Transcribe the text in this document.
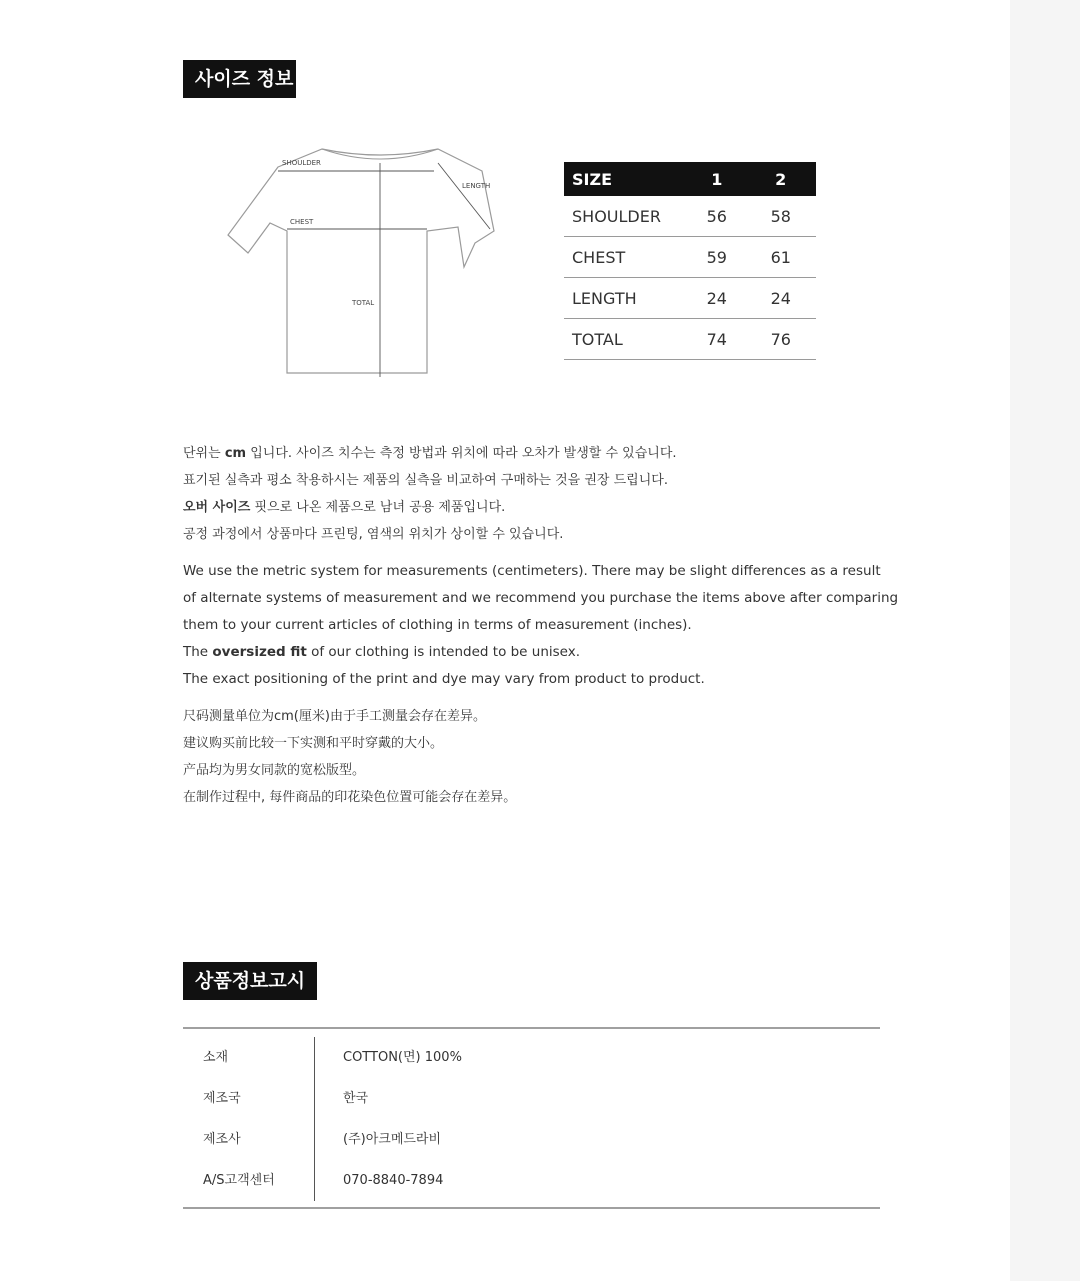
사이즈 정보
SHOULDER
LENGTH
CHEST
TOTAL
SIZE	1	2
SHOULDER	56	58
CHEST	59	61
LENGTH	24	24
TOTAL	74	76

단위는 cm 입니다. 사이즈 치수는 측정 방법과 위치에 따라 오차가 발생할 수 있습니다.

표기된 실측과 평소 착용하시는 제품의 실측을 비교하여 구매하는 것을 권장 드립니다.

오버 사이즈 핏으로 나온 제품으로 남녀 공용 제품입니다.

공정 과정에서 상품마다 프린팅, 염색의 위치가 상이할 수 있습니다.

We use the metric system for measurements (centimeters). There may be slight differences as a result

of alternate systems of measurement and we recommend you purchase the items above after comparing

them to your current articles of clothing in terms of measurement (inches).

The oversized fit of our clothing is intended to be unisex.

The exact positioning of the print and dye may vary from product to product.

尺码测量单位为cm(厘米)由于手工测量会存在差异。

建议购买前比较一下实测和平时穿戴的大小。

产品均为男女同款的宽松版型。

在制作过程中, 每件商品的印花染色位置可能会存在差异。

상품정보고시
소재	COTTON(면) 100%
제조국	한국
제조사	(주)아크메드라비
A/S고객센터	070-8840-7894
